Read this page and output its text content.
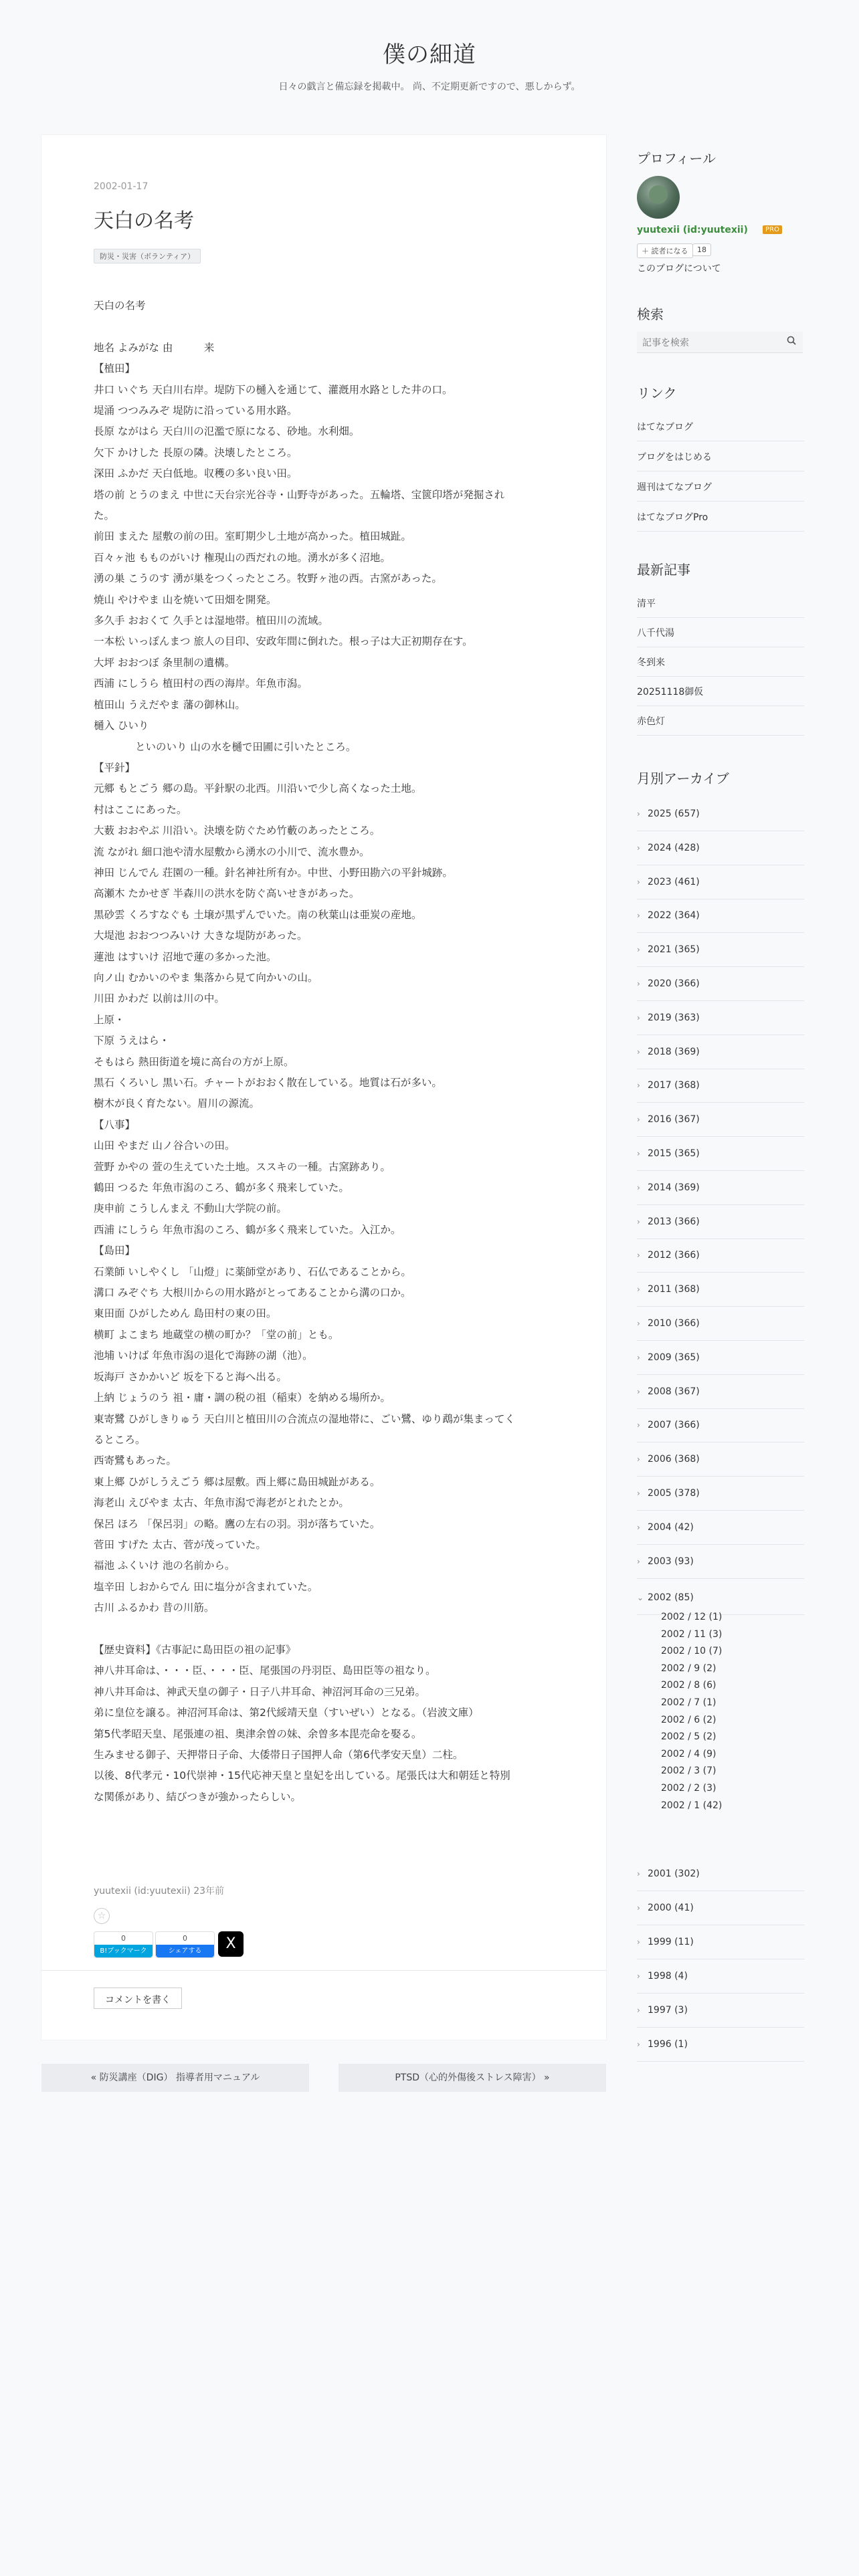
僕の細道
日々の戯言と備忘録を掲載中。 尚、不定期更新ですので、悪しからず。
2002-01-17
天白の名考
防災・災害（ボランティア）
天白の名考
地名 よみがな 由　　　来
【植田】
井口 いぐち 天白川右岸。堤防下の樋入を通じて、灌漑用水路とした井の口。
堤涌 つつみみぞ 堤防に沿っている用水路。
長原 ながはら 天白川の氾濫で原になる、砂地。水利畑。
欠下 かけした 長原の隣。決壊したところ。
深田 ふかだ 天白低地。収穫の多い良い田。
塔の前 とうのまえ 中世に天台宗光谷寺・山野寺があった。五輪塔、宝篋印塔が発掘され
た。
前田 まえた 屋敷の前の田。室町期少し土地が高かった。植田城趾。
百々ヶ池 もものがいけ 権現山の西だれの地。湧水が多く沼地。
湧の巣 こうのす 湧が巣をつくったところ。牧野ヶ池の西。古窯があった。
焼山 やけやま 山を焼いて田畑を開発。
多久手 おおくて 久手とは湿地帯。植田川の流域。
一本松 いっぽんまつ 旅人の目印、安政年間に倒れた。根っ子は大正初期存在す。
大坪 おおつぼ 条里制の遺構。
西浦 にしうら 植田村の西の海岸。年魚市潟。
植田山 うえだやま 藩の御林山。
樋入 ひいり
　　　　といのいり 山の水を樋で田圃に引いたところ。
【平針】
元郷 もとごう 郷の島。平針駅の北西。川沿いで少し高くなった土地。
村はここにあった。
大薮 おおやぶ 川沿い。決壊を防ぐため竹藪のあったところ。
流 ながれ 細口池や清水屋敷から湧水の小川で、流水豊か。
神田 じんでん 荘園の一種。針名神社所有か。中世、小野田勘六の平針城跡。
高瀬木 たかせぎ 半森川の洪水を防ぐ高いせきがあった。
黒砂雲 くろすなぐも 土壌が黒ずんでいた。南の秋葉山は亜炭の産地。
大堤池 おおつつみいけ 大きな堤防があった。
蓮池 はすいけ 沼地で蓮の多かった池。
向ノ山 むかいのやま 集落から見て向かいの山。
川田 かわだ 以前は川の中。
上原・
下原 うえはら・
そもはら 熱田街道を境に高台の方が上原。
黒石 くろいし 黒い石。チャートがおおく散在している。地質は石が多い。
樹木が良く育たない。眉川の源流。
【八事】
山田 やまだ 山ノ谷合いの田。
萱野 かやの 萱の生えていた土地。ススキの一種。古窯跡あり。
鶴田 つるた 年魚市潟のころ、鶴が多く飛来していた。
庚申前 こうしんまえ 不動山大学院の前。
西浦 にしうら 年魚市潟のころ、鶴が多く飛来していた。入江か。
【島田】
石業師 いしやくし 「山燈」に薬師堂があり、石仏であることから。
溝口 みぞぐち 大根川からの用水路がとってあることから溝の口か。
東田面 ひがしためん 島田村の東の田。
横町 よこまち 地蔵堂の横の町か？「堂の前」とも。
池埔 いけば 年魚市潟の退化で海跡の湖（池）。
坂海戸 さかかいど 坂を下ると海へ出る。
上納 じょうのう 祖・庸・調の税の祖（稲束）を納める場所か。
東寄鷺 ひがしきりゅう 天白川と植田川の合流点の湿地帯に、ごい鷺、ゆり鵡が集まってく
るところ。
西寄鷺もあった。
東上郷 ひがしうえごう 郷は屋敷。西上郷に島田城趾がある。
海老山 えびやま 太古、年魚市潟で海老がとれたとか。
保呂 ほろ 「保呂羽」の略。鷹の左右の羽。羽が落ちていた。
菅田 すげた 太古、菅が茂っていた。
福池 ふくいけ 池の名前から。
塩辛田 しおからでん 田に塩分が含まれていた。
古川 ふるかわ 昔の川筋。
【歴史資料】《古事記に島田臣の祖の記事》
神八井耳命は、・・・臣、・・・臣、尾張国の丹羽臣、島田臣等の祖なり。
神八井耳命は、神武天皇の御子・日子八井耳命、神沼河耳命の三兄弟。
弟に皇位を譲る。神沼河耳命は、第2代綏靖天皇（すいぜい）となる。（岩波文庫）
第5代孝昭天皇、尾張連の祖、奥津余曽の妹、余曽多本毘売命を娶る。
生みませる御子、天押帯日子命、大倭帯日子国押人命（第6代孝安天皇）二柱。
以後、8代孝元・10代崇神・15代応神天皇と皇妃を出している。尾張氏は大和朝廷と特別
な関係があり、結びつきが強かったらしい。
yuutexii (id:yuutexii) 23年前
☆
0
B!ブックマーク
0
シェアする	X
コメントを書く
« 防災講座（DIG） 指導者用マニュアル	PTSD（心的外傷後ストレス障害） »
プロフィール
yuutexii (id:yuutexii)	PRO
＋ 読者になる	18
このブログについて
検索
記事を検索
リンク
はてなブログ
ブログをはじめる
週刊はてなブログ
はてなブログPro
最新記事
清平
八千代湯
冬到来
20251118御仮
赤色灯
月別アーカイブ
› 2025 (657)
› 2024 (428)
› 2023 (461)
› 2022 (364)
› 2021 (365)
› 2020 (366)
› 2019 (363)
› 2018 (369)
› 2017 (368)
› 2016 (367)
› 2015 (365)
› 2014 (369)
› 2013 (366)
› 2012 (366)
› 2011 (368)
› 2010 (366)
› 2009 (365)
› 2008 (367)
› 2007 (366)
› 2006 (368)
› 2005 (378)
› 2004 (42)
› 2003 (93)
⌄ 2002 (85)
2002 / 12 (1)
2002 / 11 (3)
2002 / 10 (7)
2002 / 9 (2)
2002 / 8 (6)
2002 / 7 (1)
2002 / 6 (2)
2002 / 5 (2)
2002 / 4 (9)
2002 / 3 (7)
2002 / 2 (3)
2002 / 1 (42)
› 2001 (302)
› 2000 (41)
› 1999 (11)
› 1998 (4)
› 1997 (3)
› 1996 (1)
